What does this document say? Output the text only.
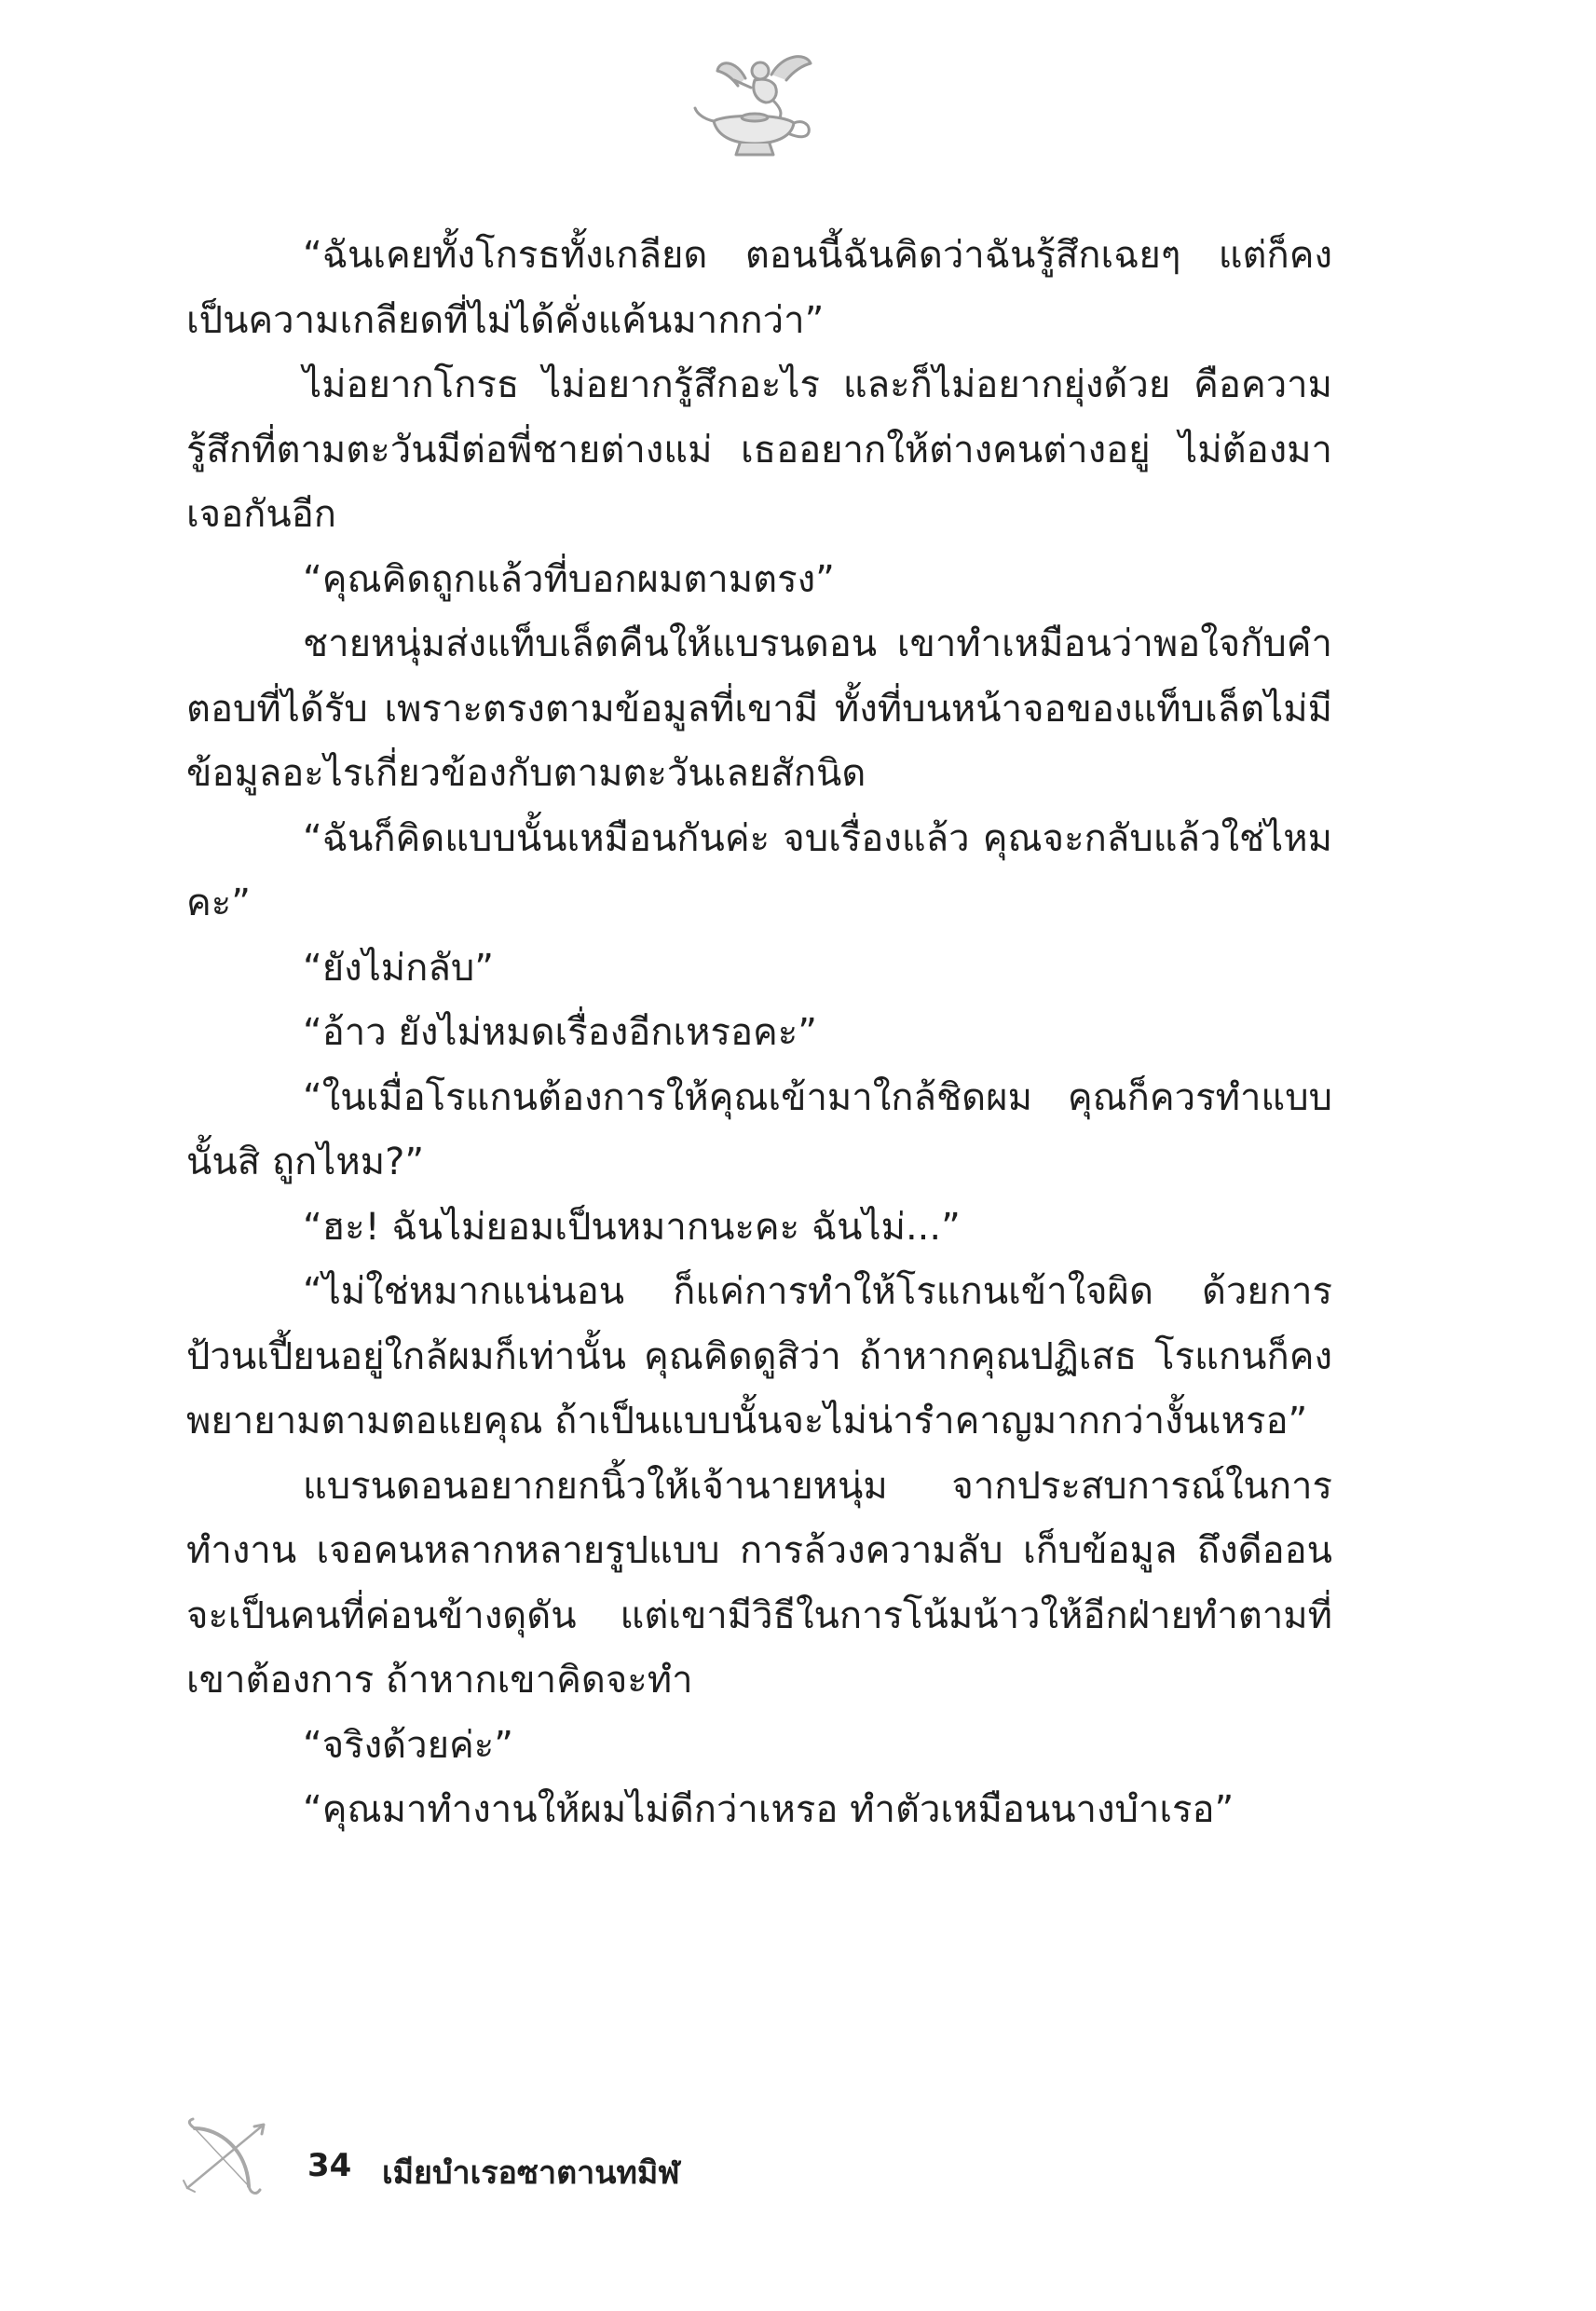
“ฉันเคยทั้งโกรธทั้งเกลียด ตอนนี้ฉันคิดว่าฉันรู้สึกเฉยๆ แต่ก็คงเป็นความเกลียดที่ไม่ได้คั่งแค้นมากกว่า”

ไม่อยากโกรธ ไม่อยากรู้สึกอะไร และก็ไม่อยากยุ่งด้วย คือความรู้สึกที่ตามตะวันมีต่อพี่ชายต่างแม่ เธออยากให้ต่างคนต่างอยู่ ไม่ต้องมาเจอกันอีก

“คุณคิดถูกแล้วที่บอกผมตามตรง”

ชายหนุ่มส่งแท็บเล็ตคืนให้แบรนดอน เขาทำเหมือนว่าพอใจกับคำตอบที่ได้รับ เพราะตรงตามข้อมูลที่เขามี ทั้งที่บนหน้าจอของแท็บเล็ตไม่มีข้อมูลอะไรเกี่ยวข้องกับตามตะวันเลยสักนิด

“ฉันก็คิดแบบนั้นเหมือนกันค่ะ จบเรื่องแล้ว คุณจะกลับแล้วใช่ไหมคะ”

“ยังไม่กลับ”

“อ้าว ยังไม่หมดเรื่องอีกเหรอคะ”

“ในเมื่อโรแกนต้องการให้คุณเข้ามาใกล้ชิดผม คุณก็ควรทำแบบนั้นสิ ถูกไหม?”

“ฮะ! ฉันไม่ยอมเป็นหมากนะคะ ฉันไม่...”

“ไม่ใช่หมากแน่นอน ก็แค่การทำให้โรแกนเข้าใจผิด ด้วยการป้วนเปี้ยนอยู่ใกล้ผมก็เท่านั้น คุณคิดดูสิว่า ถ้าหากคุณปฏิเสธ โรแกนก็คงพยายามตามตอแยคุณ ถ้าเป็นแบบนั้นจะไม่น่ารำคาญมากกว่างั้นเหรอ”

แบรนดอนอยากยกนิ้วให้เจ้านายหนุ่ม จากประสบการณ์ในการทำงาน เจอคนหลากหลายรูปแบบ การล้วงความลับ เก็บข้อมูล ถึงดีออนจะเป็นคนที่ค่อนข้างดุดัน แต่เขามีวิธีในการโน้มน้าวให้อีกฝ่ายทำตามที่เขาต้องการ ถ้าหากเขาคิดจะทำ

“จริงด้วยค่ะ”

“คุณมาทำงานให้ผมไม่ดีกว่าเหรอ ทำตัวเหมือนนางบำเรอ”

34 เมียบำเรอซาตานทมิฬ
